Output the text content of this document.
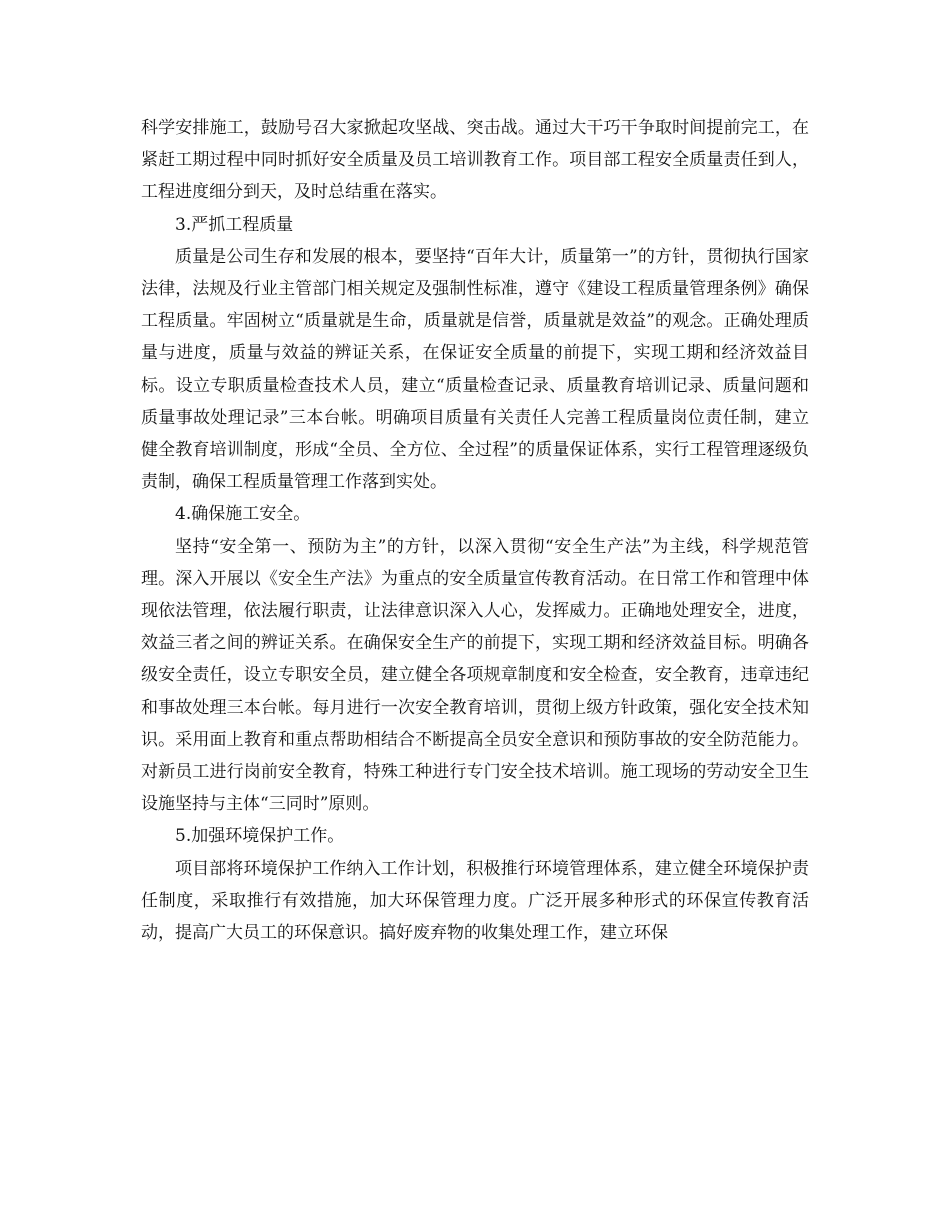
科学安排施工，鼓励号召大家掀起攻坚战、突击战。通过大干巧干争取时间提前完工，在紧赶工期过程中同时抓好安全质量及员工培训教育工作。项目部工程安全质量责任到人，工程进度细分到天，及时总结重在落实。

3.严抓工程质量

质量是公司生存和发展的根本，要坚持“百年大计，质量第一”的方针，贯彻执行国家法律，法规及行业主管部门相关规定及强制性标准，遵守《建设工程质量管理条例》确保工程质量。牢固树立“质量就是生命，质量就是信誉，质量就是效益”的观念。正确处理质量与进度，质量与效益的辨证关系，在保证安全质量的前提下，实现工期和经济效益目标。设立专职质量检查技术人员，建立“质量检查记录、质量教育培训记录、质量问题和质量事故处理记录”三本台帐。明确项目质量有关责任人完善工程质量岗位责任制，建立健全教育培训制度，形成“全员、全方位、全过程”的质量保证体系，实行工程管理逐级负责制，确保工程质量管理工作落到实处。

4.确保施工安全。

坚持“安全第一、预防为主”的方针，以深入贯彻“安全生产法”为主线，科学规范管理。深入开展以《安全生产法》为重点的安全质量宣传教育活动。在日常工作和管理中体现依法管理，依法履行职责，让法律意识深入人心，发挥威力。正确地处理安全，进度，效益三者之间的辨证关系。在确保安全生产的前提下，实现工期和经济效益目标。明确各级安全责任，设立专职安全员，建立健全各项规章制度和安全检查，安全教育，违章违纪和事故处理三本台帐。每月进行一次安全教育培训，贯彻上级方针政策，强化安全技术知识。采用面上教育和重点帮助相结合不断提高全员安全意识和预防事故的安全防范能力。对新员工进行岗前安全教育，特殊工种进行专门安全技术培训。施工现场的劳动安全卫生设施坚持与主体“三同时”原则。

5.加强环境保护工作。

项目部将环境保护工作纳入工作计划，积极推行环境管理体系，建立健全环境保护责任制度，采取推行有效措施，加大环保管理力度。广泛开展多种形式的环保宣传教育活动，提高广大员工的环保意识。搞好废弃物的收集处理工作，建立环保
